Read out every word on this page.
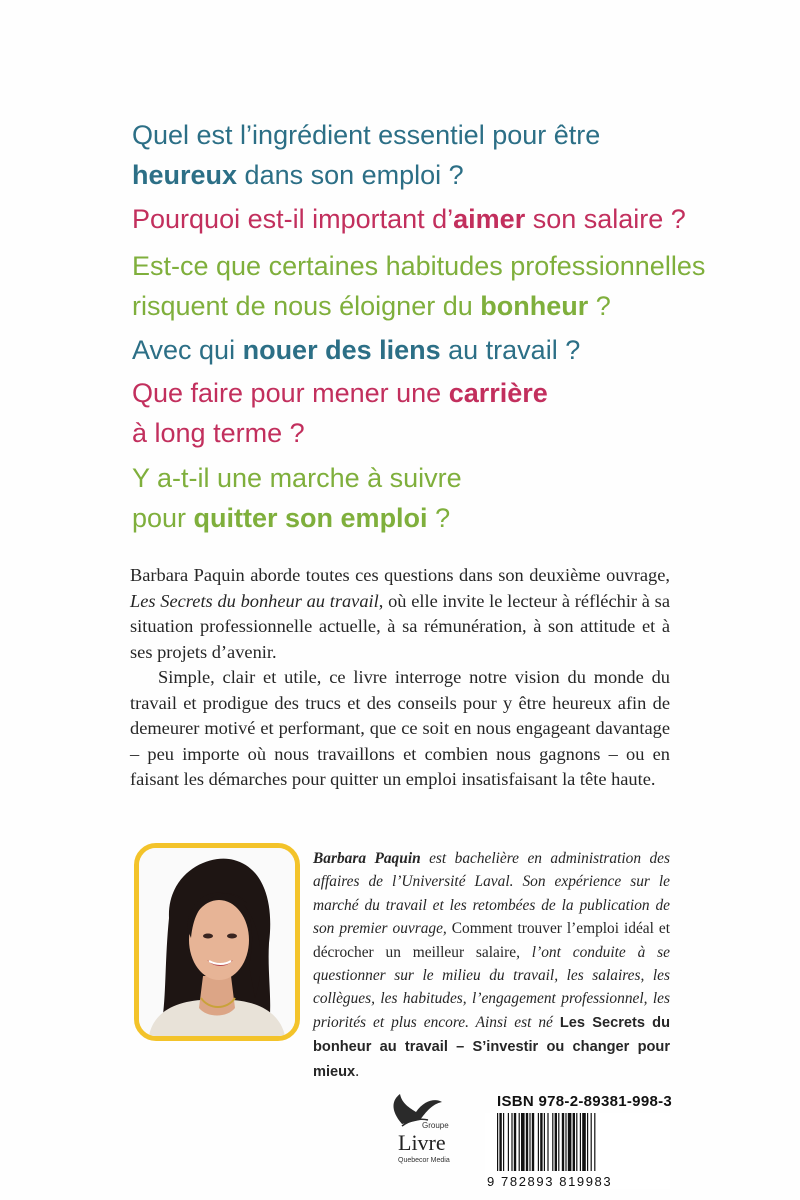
Quel est l’ingrédient essentiel pour être
heureux dans son emploi ?

Pourquoi est-il important d’aimer son salaire ?

Est-ce que certaines habitudes professionnelles
risquent de nous éloigner du bonheur ?

Avec qui nouer des liens au travail ?

Que faire pour mener une carrière
à long terme ?

Y a-t-il une marche à suivre
pour quitter son emploi ?

Barbara Paquin aborde toutes ces questions dans son deuxième ouvrage, Les Secrets du bonheur au travail, où elle invite le lecteur à réfléchir à sa situation professionnelle actuelle, à sa rémunération, à son attitude et à ses projets d’avenir.

Simple, clair et utile, ce livre interroge notre vision du monde du travail et prodigue des trucs et des conseils pour y être heureux afin de demeurer motivé et performant, que ce soit en nous engageant davantage – peu importe où nous travaillons et combien nous gagnons – ou en faisant les démarches pour quitter un emploi insatisfaisant la tête haute.

Barbara Paquin est bachelière en administration des affaires de l’Université Laval. Son expérience sur le marché du travail et les retombées de la publication de son premier ouvrage, Comment trouver l’emploi idéal et décrocher un meilleur salaire, l’ont conduite à se questionner sur le milieu du travail, les salaires, les collègues, les habitudes, l’engagement professionnel, les priorités et plus encore. Ainsi est né Les Secrets du bonheur au travail – S’investir ou changer pour mieux.

Groupe
Livre
Quebecor Media
ISBN 978-2-89381-998-3
9 782893 819983
